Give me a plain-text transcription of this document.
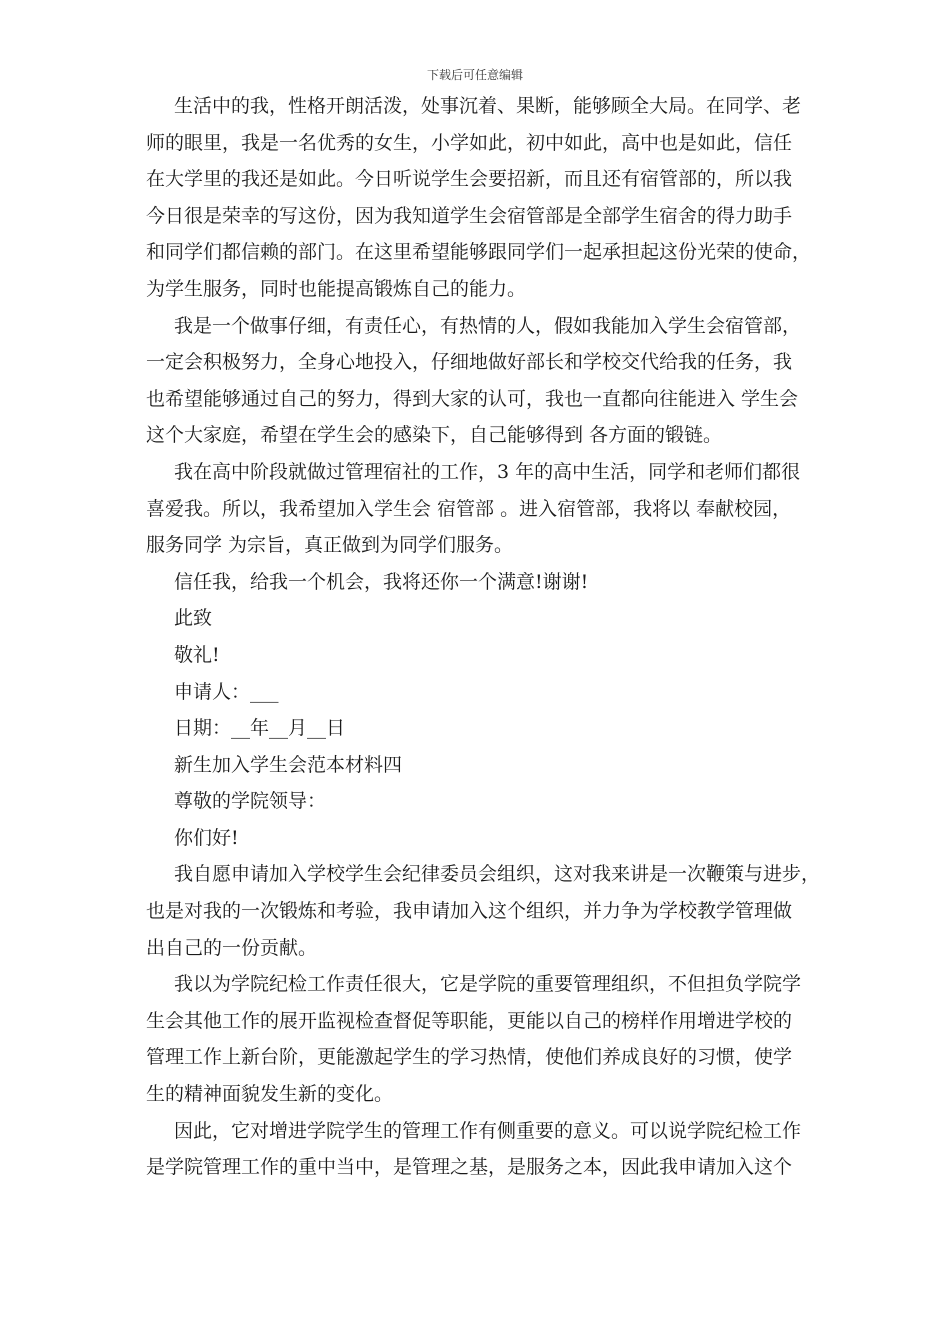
下载后可任意编辑
生活中的我，性格开朗活泼，处事沉着、果断，能够顾全大局。在同学、老
师的眼里，我是一名优秀的女生，小学如此，初中如此，高中也是如此，信任
在大学里的我还是如此。今日听说学生会要招新，而且还有宿管部的，所以我
今日很是荣幸的写这份，因为我知道学生会宿管部是全部学生宿舍的得力助手
和同学们都信赖的部门。在这里希望能够跟同学们一起承担起这份光荣的使命，
为学生服务，同时也能提高锻炼自己的能力。
我是一个做事仔细，有责任心，有热情的人，假如我能加入学生会宿管部，
一定会积极努力，全身心地投入，仔细地做好部长和学校交代给我的任务，我
也希望能够通过自己的努力，得到大家的认可，我也一直都向往能进入 学生会
这个大家庭，希望在学生会的感染下，自己能够得到 各方面的锻链。
我在高中阶段就做过管理宿社的工作，3 年的高中生活，同学和老师们都很
喜爱我。所以，我希望加入学生会 宿管部 。进入宿管部，我将以 奉献校园，
服务同学 为宗旨，真正做到为同学们服务。
信任我，给我一个机会，我将还你一个满意!谢谢!
此致
敬礼!
申请人：___
日期：__年__月__日
新生加入学生会范本材料四
尊敬的学院领导：
你们好!
我自愿申请加入学校学生会纪律委员会组织，这对我来讲是一次鞭策与进步，
也是对我的一次锻炼和考验，我申请加入这个组织，并力争为学校教学管理做
出自己的一份贡献。
我以为学院纪检工作责任很大，它是学院的重要管理组织，不但担负学院学
生会其他工作的展开监视检查督促等职能，更能以自己的榜样作用增进学校的
管理工作上新台阶，更能激起学生的学习热情，使他们养成良好的习惯，使学
生的精神面貌发生新的变化。
因此，它对增进学院学生的管理工作有侧重要的意义。可以说学院纪检工作
是学院管理工作的重中当中，是管理之基，是服务之本，因此我申请加入这个
